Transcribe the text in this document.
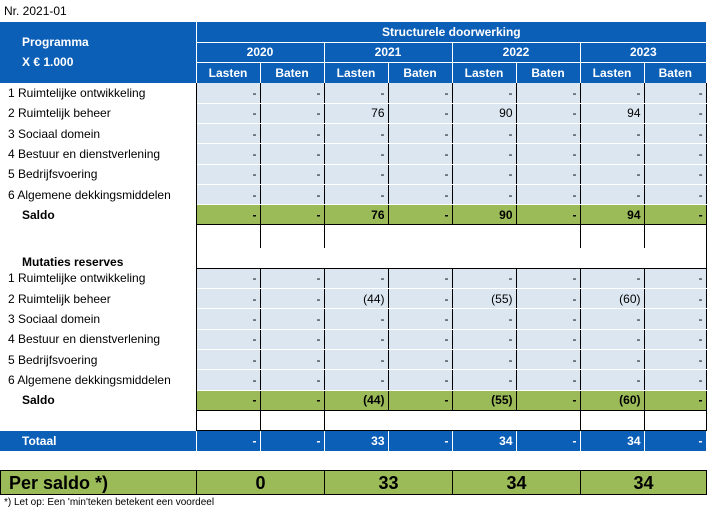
Nr. 2021-01
Programma
X € 1.000	Structurele doorwerking							
	2020		2021		2022		2023	
	Lasten	Baten	Lasten	Baten	Lasten	Baten	Lasten	Baten
1 Ruimtelijke ontwikkeling	-	-	-	-	-	-	-	-
2 Ruimtelijk beheer	-	-	76	-	90	-	94	-
3 Sociaal domein	-	-	-	-	-	-	-	-
4 Bestuur en dienstverlening	-	-	-	-	-	-	-	-
5 Bedrijfsvoering	-	-	-	-	-	-	-	-
6 Algemene dekkingsmiddelen	-	-	-	-	-	-	-	-
Saldo	-	-	76	-	90	-	94	-

Mutaties reserves								
1 Ruimtelijke ontwikkeling	-	-	-	-	-	-	-	-
2 Ruimtelijk beheer	-	-	(44)	-	(55)	-	(60)	-
3 Sociaal domein	-	-	-	-	-	-	-	-
4 Bestuur en dienstverlening	-	-	-	-	-	-	-	-
5 Bedrijfsvoering	-	-	-	-	-	-	-	-
6 Algemene dekkingsmiddelen	-	-	-	-	-	-	-	-
Saldo	-	-	(44)	-	(55)	-	(60)	-

Totaal	-	-	33	-	34	-	34	-
Per saldo *)	0	33	34	34
*) Let op: Een 'min'teken betekent een voordeel
